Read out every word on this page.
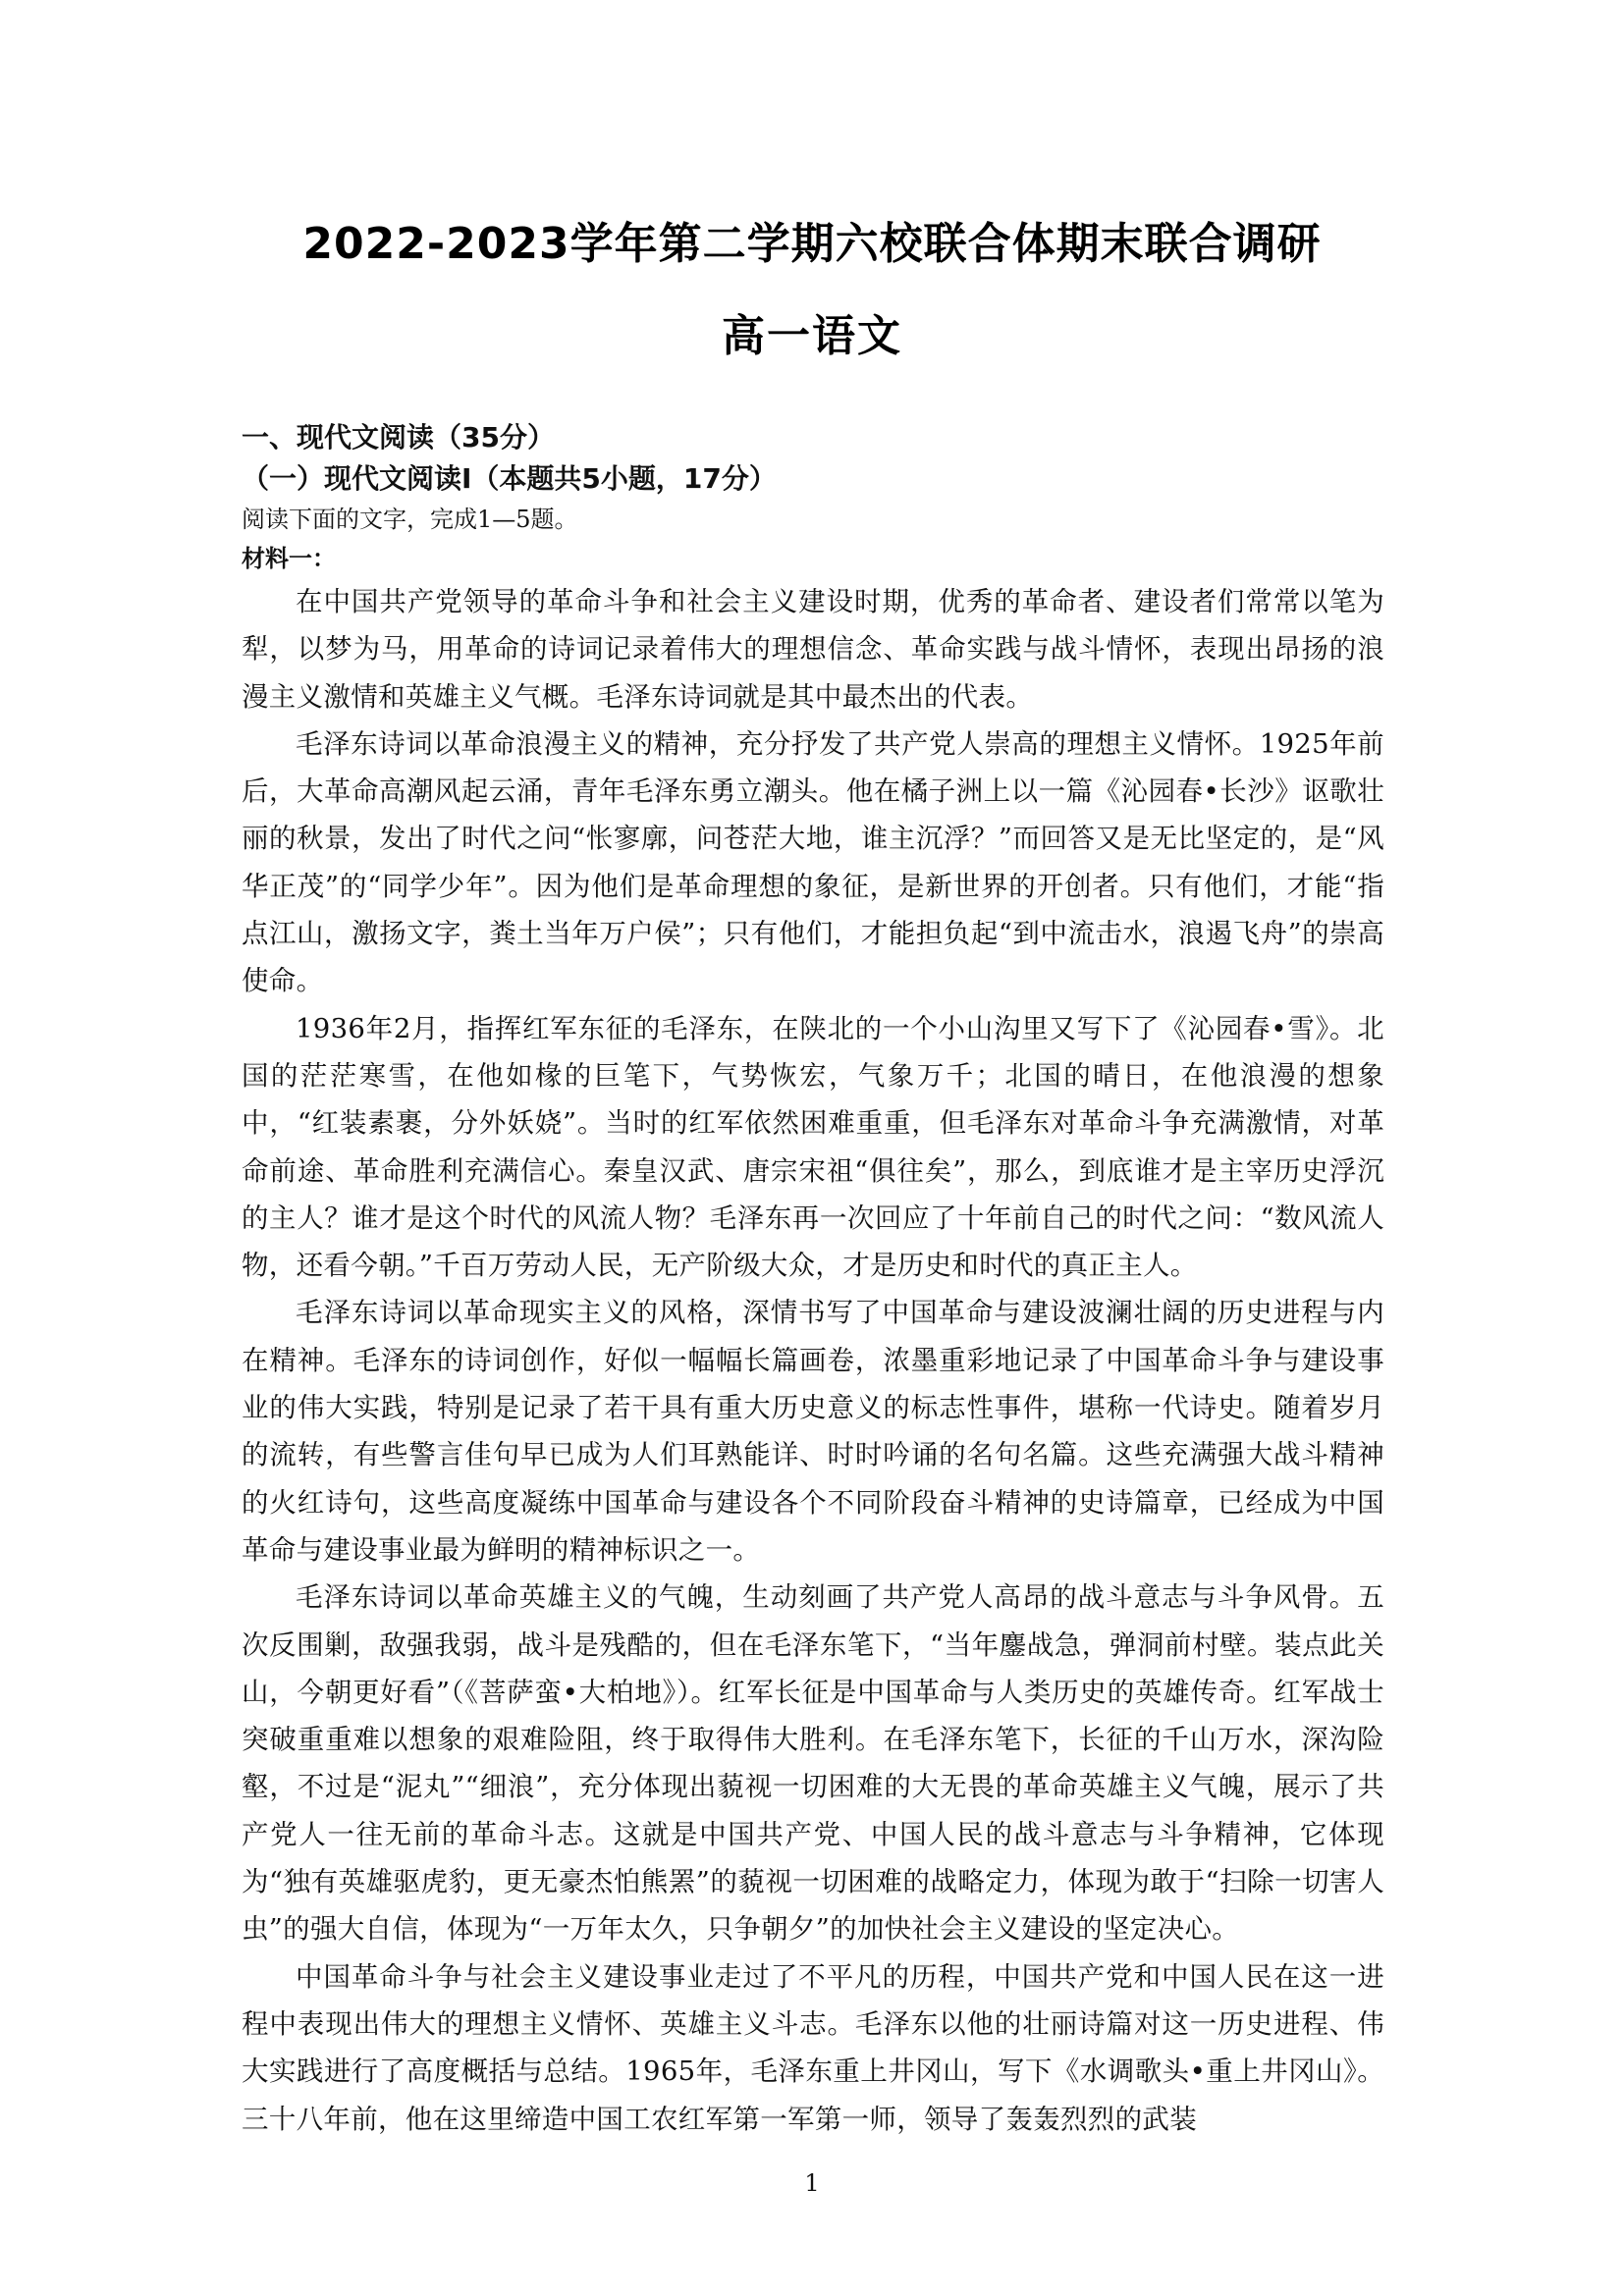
2022-2023学年第二学期六校联合体期末联合调研
高一语文

一、现代文阅读（35分）

（一）现代文阅读Ⅰ（本题共5小题，17分）

阅读下面的文字，完成1—5题。

材料一：

在中国共产党领导的革命斗争和社会主义建设时期，优秀的革命者、建设者们常常以笔为犁，以梦为马，用革命的诗词记录着伟大的理想信念、革命实践与战斗情怀，表现出昂扬的浪漫主义激情和英雄主义气概。毛泽东诗词就是其中最杰出的代表。

毛泽东诗词以革命浪漫主义的精神，充分抒发了共产党人崇高的理想主义情怀。1925年前后，大革命高潮风起云涌，青年毛泽东勇立潮头。他在橘子洲上以一篇《沁园春•长沙》讴歌壮丽的秋景，发出了时代之问“怅寥廓，问苍茫大地，谁主沉浮？”而回答又是无比坚定的，是“风华正茂”的“同学少年”。因为他们是革命理想的象征，是新世界的开创者。只有他们，才能“指点江山，激扬文字，粪土当年万户侯”；只有他们，才能担负起“到中流击水，浪遏飞舟”的崇高使命。

1936年2月，指挥红军东征的毛泽东，在陕北的一个小山沟里又写下了《沁园春•雪》。北国的茫茫寒雪，在他如椽的巨笔下，气势恢宏，气象万千；北国的晴日，在他浪漫的想象中，“红装素裹，分外妖娆”。当时的红军依然困难重重，但毛泽东对革命斗争充满激情，对革命前途、革命胜利充满信心。秦皇汉武、唐宗宋祖“俱往矣”，那么，到底谁才是主宰历史浮沉的主人？谁才是这个时代的风流人物？毛泽东再一次回应了十年前自己的时代之问：“数风流人物，还看今朝。”千百万劳动人民，无产阶级大众，才是历史和时代的真正主人。

毛泽东诗词以革命现实主义的风格，深情书写了中国革命与建设波澜壮阔的历史进程与内在精神。毛泽东的诗词创作，好似一幅幅长篇画卷，浓墨重彩地记录了中国革命斗争与建设事业的伟大实践，特别是记录了若干具有重大历史意义的标志性事件，堪称一代诗史。随着岁月的流转，有些警言佳句早已成为人们耳熟能详、时时吟诵的名句名篇。这些充满强大战斗精神的火红诗句，这些高度凝练中国革命与建设各个不同阶段奋斗精神的史诗篇章，已经成为中国革命与建设事业最为鲜明的精神标识之一。

毛泽东诗词以革命英雄主义的气魄，生动刻画了共产党人高昂的战斗意志与斗争风骨。五次反围剿，敌强我弱，战斗是残酷的，但在毛泽东笔下，“当年鏖战急，弹洞前村壁。装点此关山，今朝更好看”（《菩萨蛮•大柏地》）。红军长征是中国革命与人类历史的英雄传奇。红军战士突破重重难以想象的艰难险阻，终于取得伟大胜利。在毛泽东笔下，长征的千山万水，深沟险壑，不过是“泥丸”“细浪”，充分体现出藐视一切困难的大无畏的革命英雄主义气魄，展示了共产党人一往无前的革命斗志。这就是中国共产党、中国人民的战斗意志与斗争精神，它体现为“独有英雄驱虎豹，更无豪杰怕熊罴”的藐视一切困难的战略定力，体现为敢于“扫除一切害人虫”的强大自信，体现为“一万年太久，只争朝夕”的加快社会主义建设的坚定决心。

中国革命斗争与社会主义建设事业走过了不平凡的历程，中国共产党和中国人民在这一进程中表现出伟大的理想主义情怀、英雄主义斗志。毛泽东以他的壮丽诗篇对这一历史进程、伟大实践进行了高度概括与总结。1965年，毛泽东重上井冈山，写下《水调歌头•重上井冈山》。三十八年前，他在这里缔造中国工农红军第一军第一师，领导了轰轰烈烈的武装

1
